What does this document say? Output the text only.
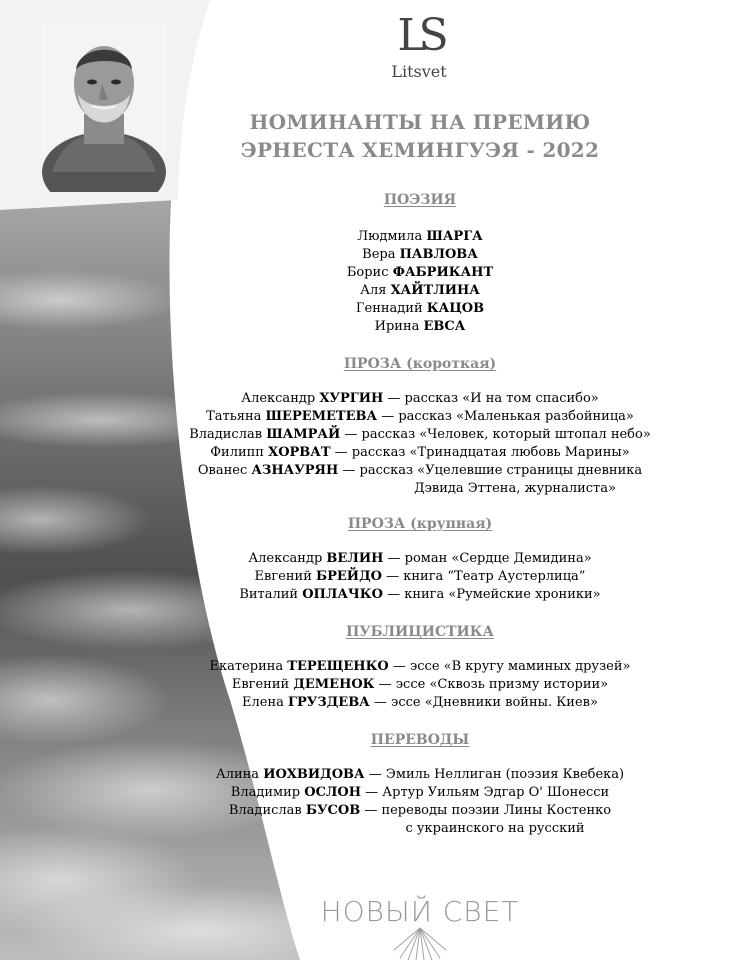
LS
Litsvet
НОМИНАНТЫ НА ПРЕМИЮ
ЭРНЕСТА ХЕМИНГУЭЯ - 2022
ПОЭЗИЯ
Людмила ШАРГА
Вера ПАВЛОВА
Борис ФАБРИКАНТ
Аля ХАЙТЛИНА
Геннадий КАЦОВ
Ирина ЕВСА
ПРОЗА (короткая)
Александр ХУРГИН — рассказ «И на том спасибо»
Татьяна ШЕРЕМЕТЕВА — рассказ «Маленькая разбойница»
Владислав ШАМРАЙ — рассказ «Человек, который штопал небо»
Филипп ХОРВАТ — рассказ «Тринадцатая любовь Марины»
Ованес АЗНАУРЯН — рассказ «Уцелевшие страницы дневника
Дэвида Эттена, журналиста»
ПРОЗА (крупная)
Александр ВЕЛИН — роман «Сердце Демидина»
Евгений БРЕЙДО — книга “Театр Аустерлица”
Виталий ОПЛАЧКО — книга «Румейские хроники»
ПУБЛИЦИСТИКА
Екатерина ТЕРЕЩЕНКО — эссе «В кругу маминых друзей»
Евгений ДЕМЕНОК — эссе «Сквозь призму истории»
Елена ГРУЗДЕВА — эссе «Дневники войны. Киев»
ПЕРЕВОДЫ
Алина ИОХВИДОВА — Эмиль Неллиган (поэзия Квебека)
Владимир ОСЛОН — Артур Уильям Эдгар О' Шонесси
Владислав БУСОВ — переводы поэзии Лины Костенко
с украинского на русский
НОВЫЙ СВЕТ
